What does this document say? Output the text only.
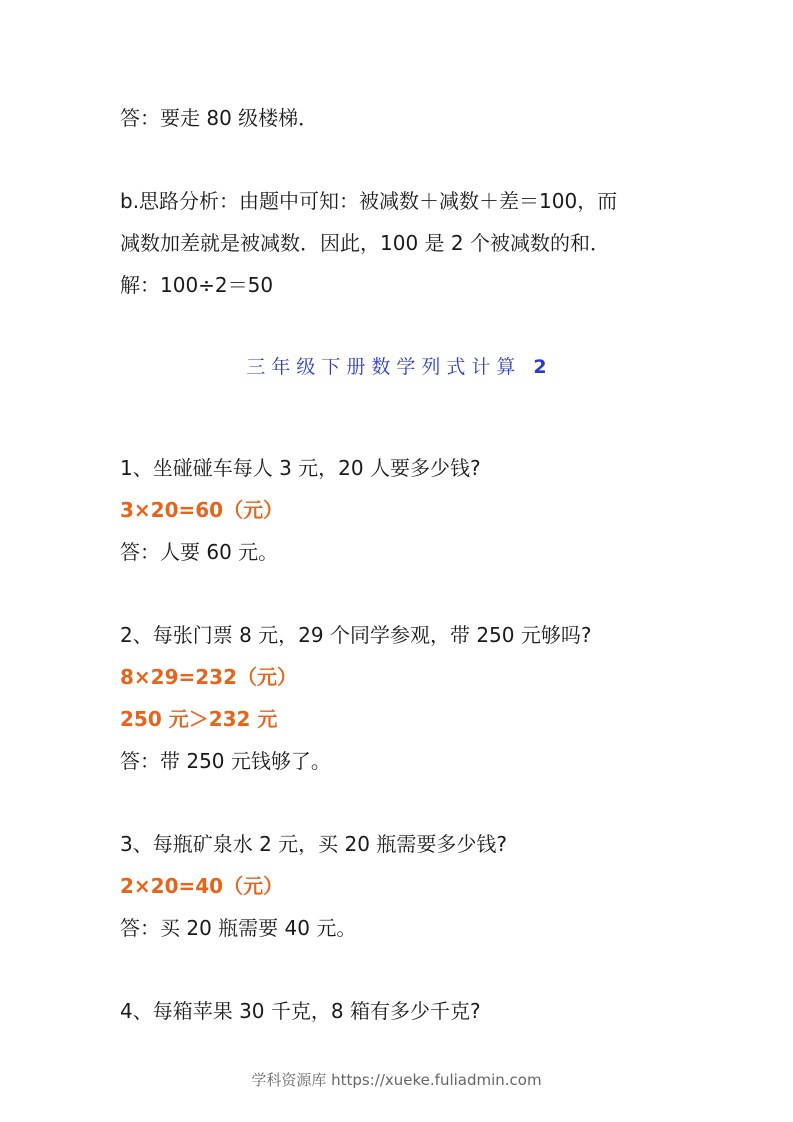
答：要走 80 级楼梯．
b.思路分析：由题中可知：被减数＋减数＋差＝100，而
减数加差就是被减数．因此，100 是 2 个被减数的和．
解：100÷2＝50
三年级下册数学列式计算 2
1、坐碰碰车每人 3 元，20 人要多少钱?
3×20=60（元）
答：人要 60 元。
2、每张门票 8 元，29 个同学参观，带 250 元够吗?
8×29=232（元）
250 元＞232 元
答：带 250 元钱够了。
3、每瓶矿泉水 2 元，买 20 瓶需要多少钱?
2×20=40（元）
答：买 20 瓶需要 40 元。
4、每箱苹果 30 千克，8 箱有多少千克?
学科资源库 https://xueke.fuliadmin.com
